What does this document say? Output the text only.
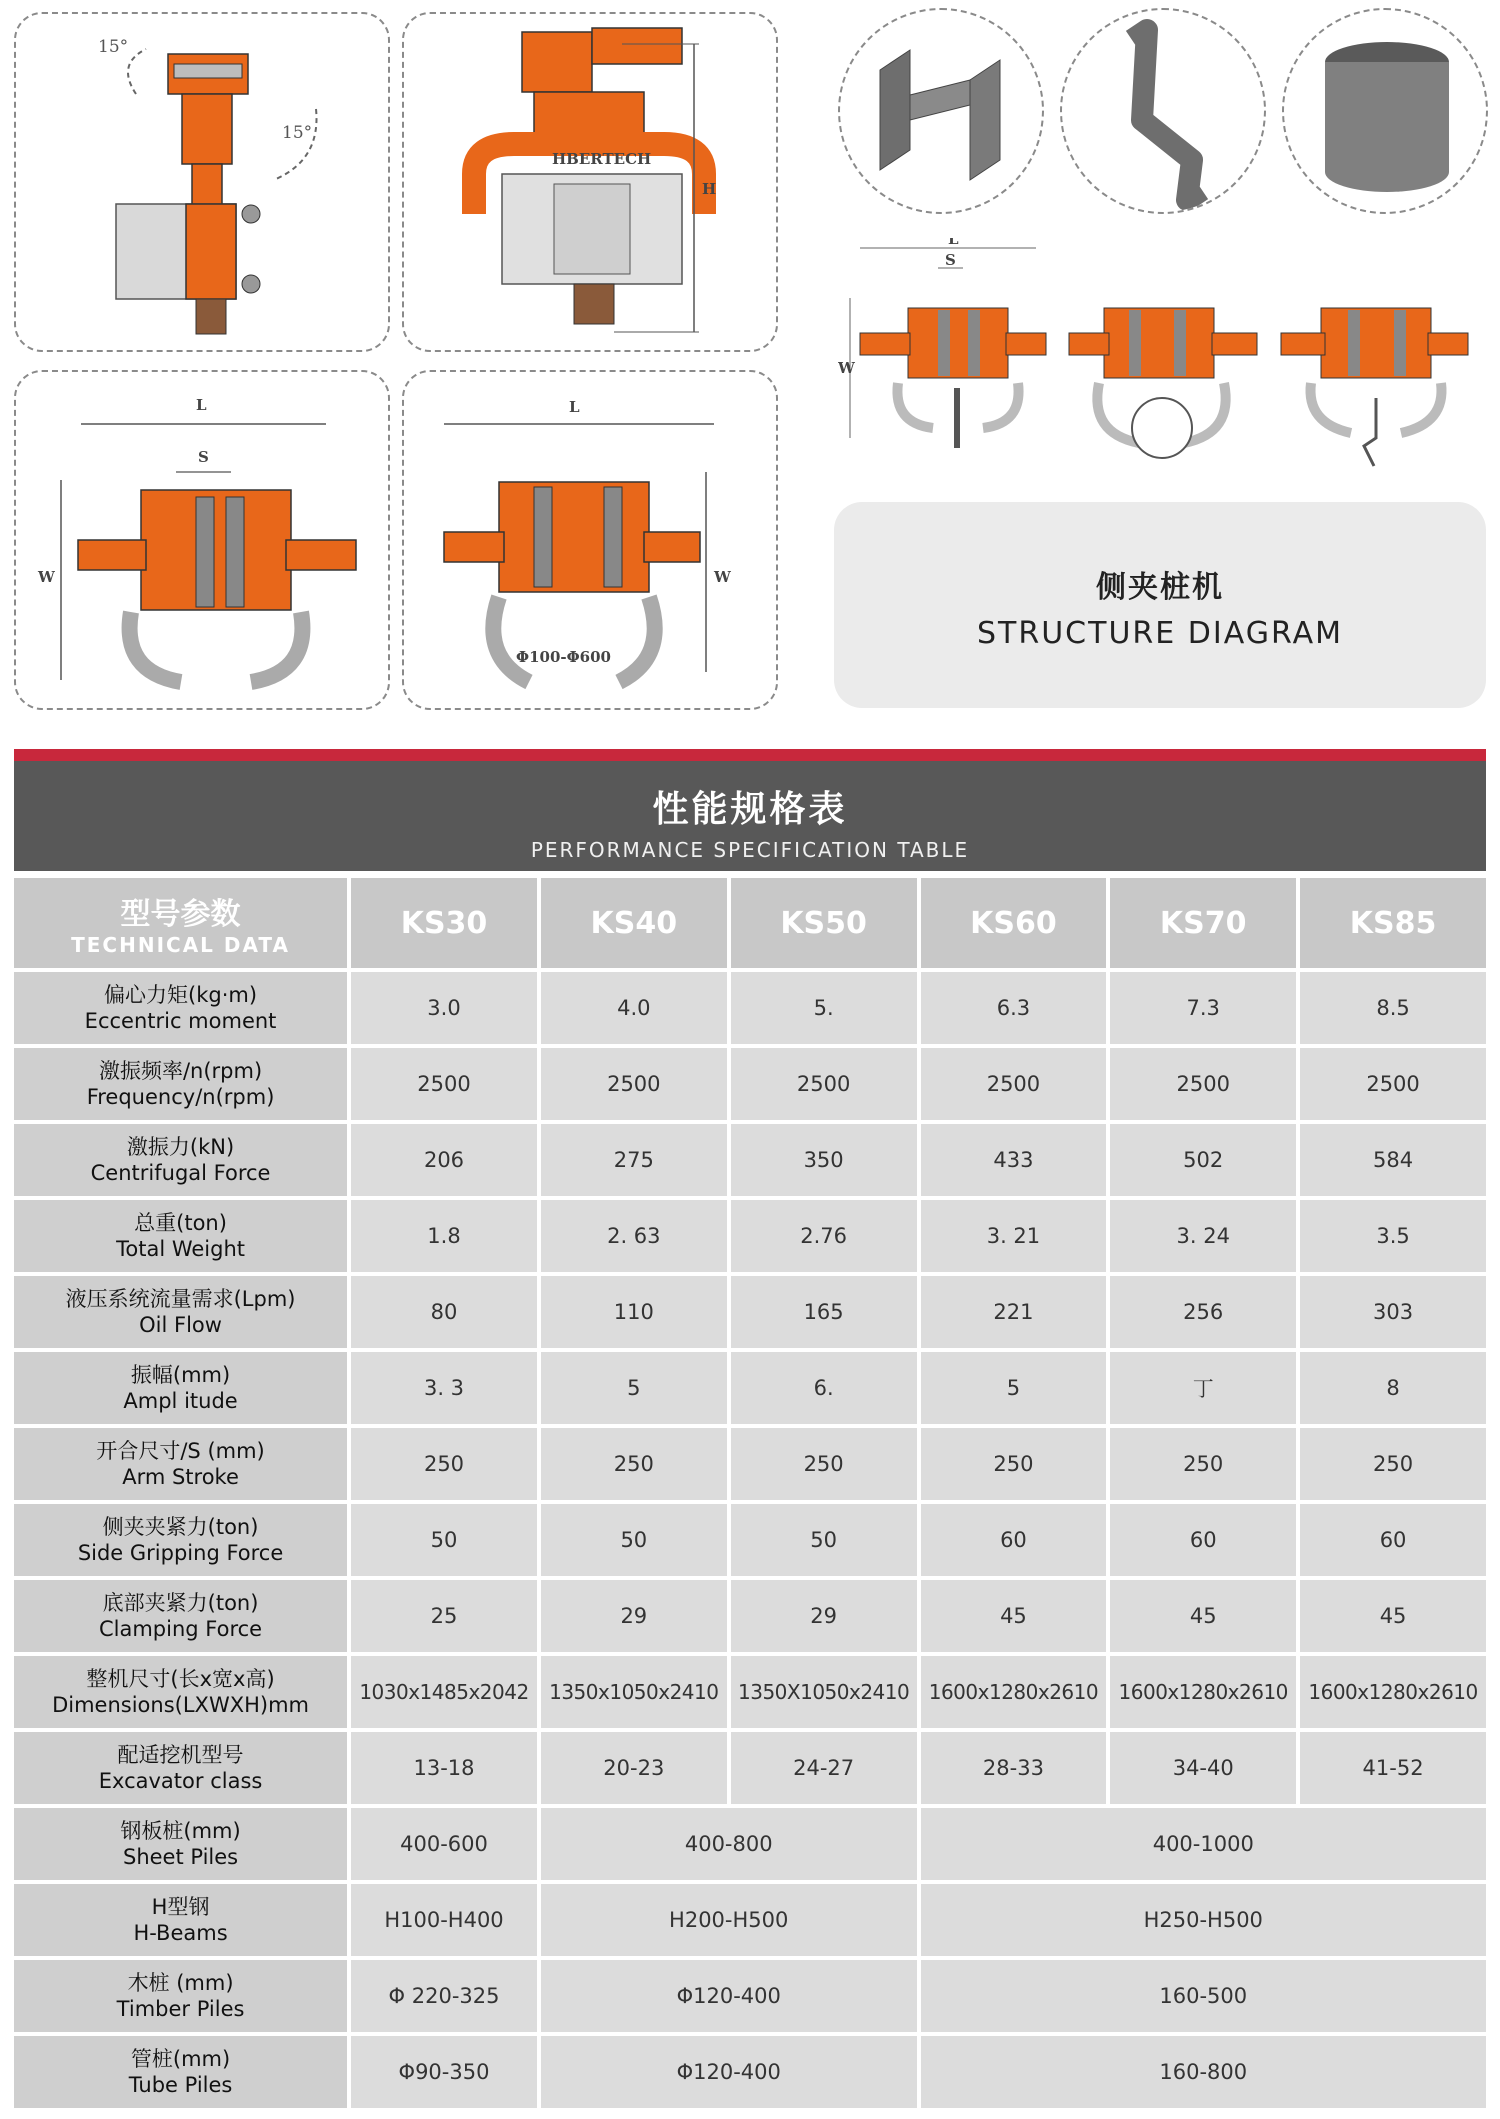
15°
15°
HBERTECH
H
L
S
W
L
W
Φ100-Φ600
L
S
W
侧夹桩机
STRUCTURE DIAGRAM
性能规格表
PERFORMANCE SPECIFICATION TABLE
型号参数
TECHNICAL DATA	KS30	KS40	KS50	KS60	KS70	KS85

偏心力矩(kg·m)
Eccentric moment	3.0	4.0	5.	6.3	7.3	8.5

激振频率/n(rpm)
Frequency/n(rpm)	2500	2500	2500	2500	2500	2500

激振力(kN)
Centrifugal Force	206	275	350	433	502	584

总重(ton)
Total Weight	1.8	2. 63	2.76	3. 21	3. 24	3.5

液压系统流量需求(Lpm)
Oil Flow	80	110	165	221	256	303

振幅(mm)
Ampl itude	3. 3	5	6.	5	丁	8

开合尺寸/S (mm)
Arm Stroke	250	250	250	250	250	250

侧夹夹紧力(ton)
Side Gripping Force	50	50	50	60	60	60

底部夹紧力(ton)
Clamping Force	25	29	29	45	45	45

整机尺寸(长x宽x高)
Dimensions(LXWXH)mm	1030x1485x2042	1350x1050x2410	1350X1050x2410	1600x1280x2610	1600x1280x2610	1600x1280x2610

配适挖机型号
Excavator class	13-18	20-23	24-27	28-33	34-40	41-52

钢板桩(mm)
Sheet Piles	400-600	400-800		400-1000		

H型钢
H-Beams	H100-H400	H200-H500		H250-H500		

木桩 (mm)
Timber Piles	Φ 220-325	Φ120-400		160-500		

管桩(mm)
Tube Piles	Φ90-350	Φ120-400		160-800		
